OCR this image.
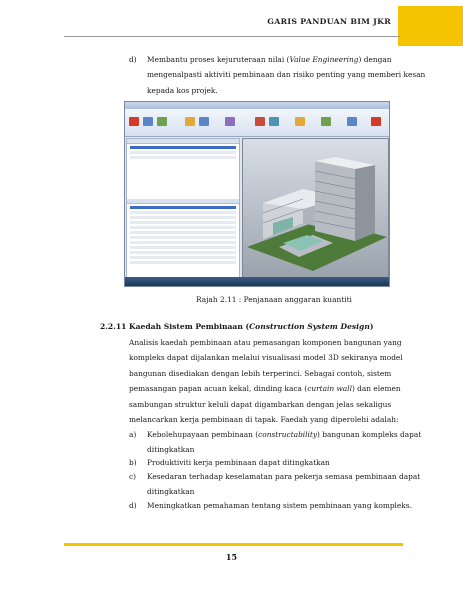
GARIS PANDUAN BIM JKR
d) Membantu proses kejuruteraan nilai (Value Engineering) dengan
mengenalpasti aktiviti pembinaan dan risiko penting yang memberi kesan
kepada kos projek.
Rajah 2.11 : Penjanaan anggaran kuantiti
2.2.11 Kaedah Sistem Pembinaan (Construction System Design)
Analisis kaedah pembinaan atau pemasangan komponen bangunan yang
kompleks dapat dijalankan melalui visualisasi model 3D sekiranya model
bangunan disediakan dengan lebih terperinci. Sebagai contoh, sistem
pemasangan papan acuan kekal, dinding kaca (curtain wall) dan elemen
sambungan struktur keluli dapat digambarkan dengan jelas sekaligus
melancarkan kerja pembinaan di tapak. Faedah yang diperolehi adalah:
a) Kebolehupayaan pembinaan (constructability) bangunan kompleks dapat
ditingkatkan
b) Produktiviti kerja pembinaan dapat ditingkatkan
c) Kesedaran terhadap keselamatan para pekerja semasa pembinaan dapat
ditingkatkan
d) Meningkatkan pemahaman tentang sistem pembinaan yang kompleks.
15
